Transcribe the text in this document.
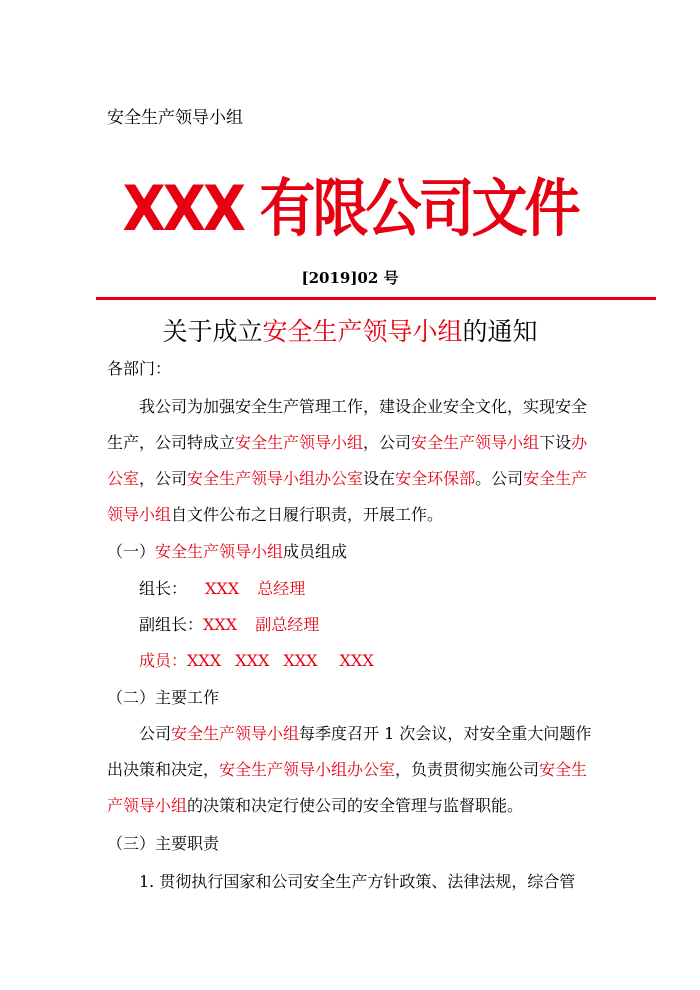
安全生产领导小组
XXX 有限公司文件
[2019]02 号
关于成立安全生产领导小组的通知
各部门：

我公司为加强安全生产管理工作，建设企业安全文化，实现安全生产，公司特成立安全生产领导小组，公司安全生产领导小组下设办公室，公司安全生产领导小组办公室设在安全环保部。公司安全生产领导小组自文件公布之日履行职责，开展工作。

（一）安全生产领导小组成员组成
组长： XXX 总经理
副组长：XXX 副总经理
成员：XXX XXX XXX XXX
（二）主要工作

公司安全生产领导小组每季度召开 1 次会议，对安全重大问题作出决策和决定，安全生产领导小组办公室，负责贯彻实施公司安全生产领导小组的决策和决定行使公司的安全管理与监督职能。

（三）主要职责
1. 贯彻执行国家和公司安全生产方针政策、法律法规，综合管
